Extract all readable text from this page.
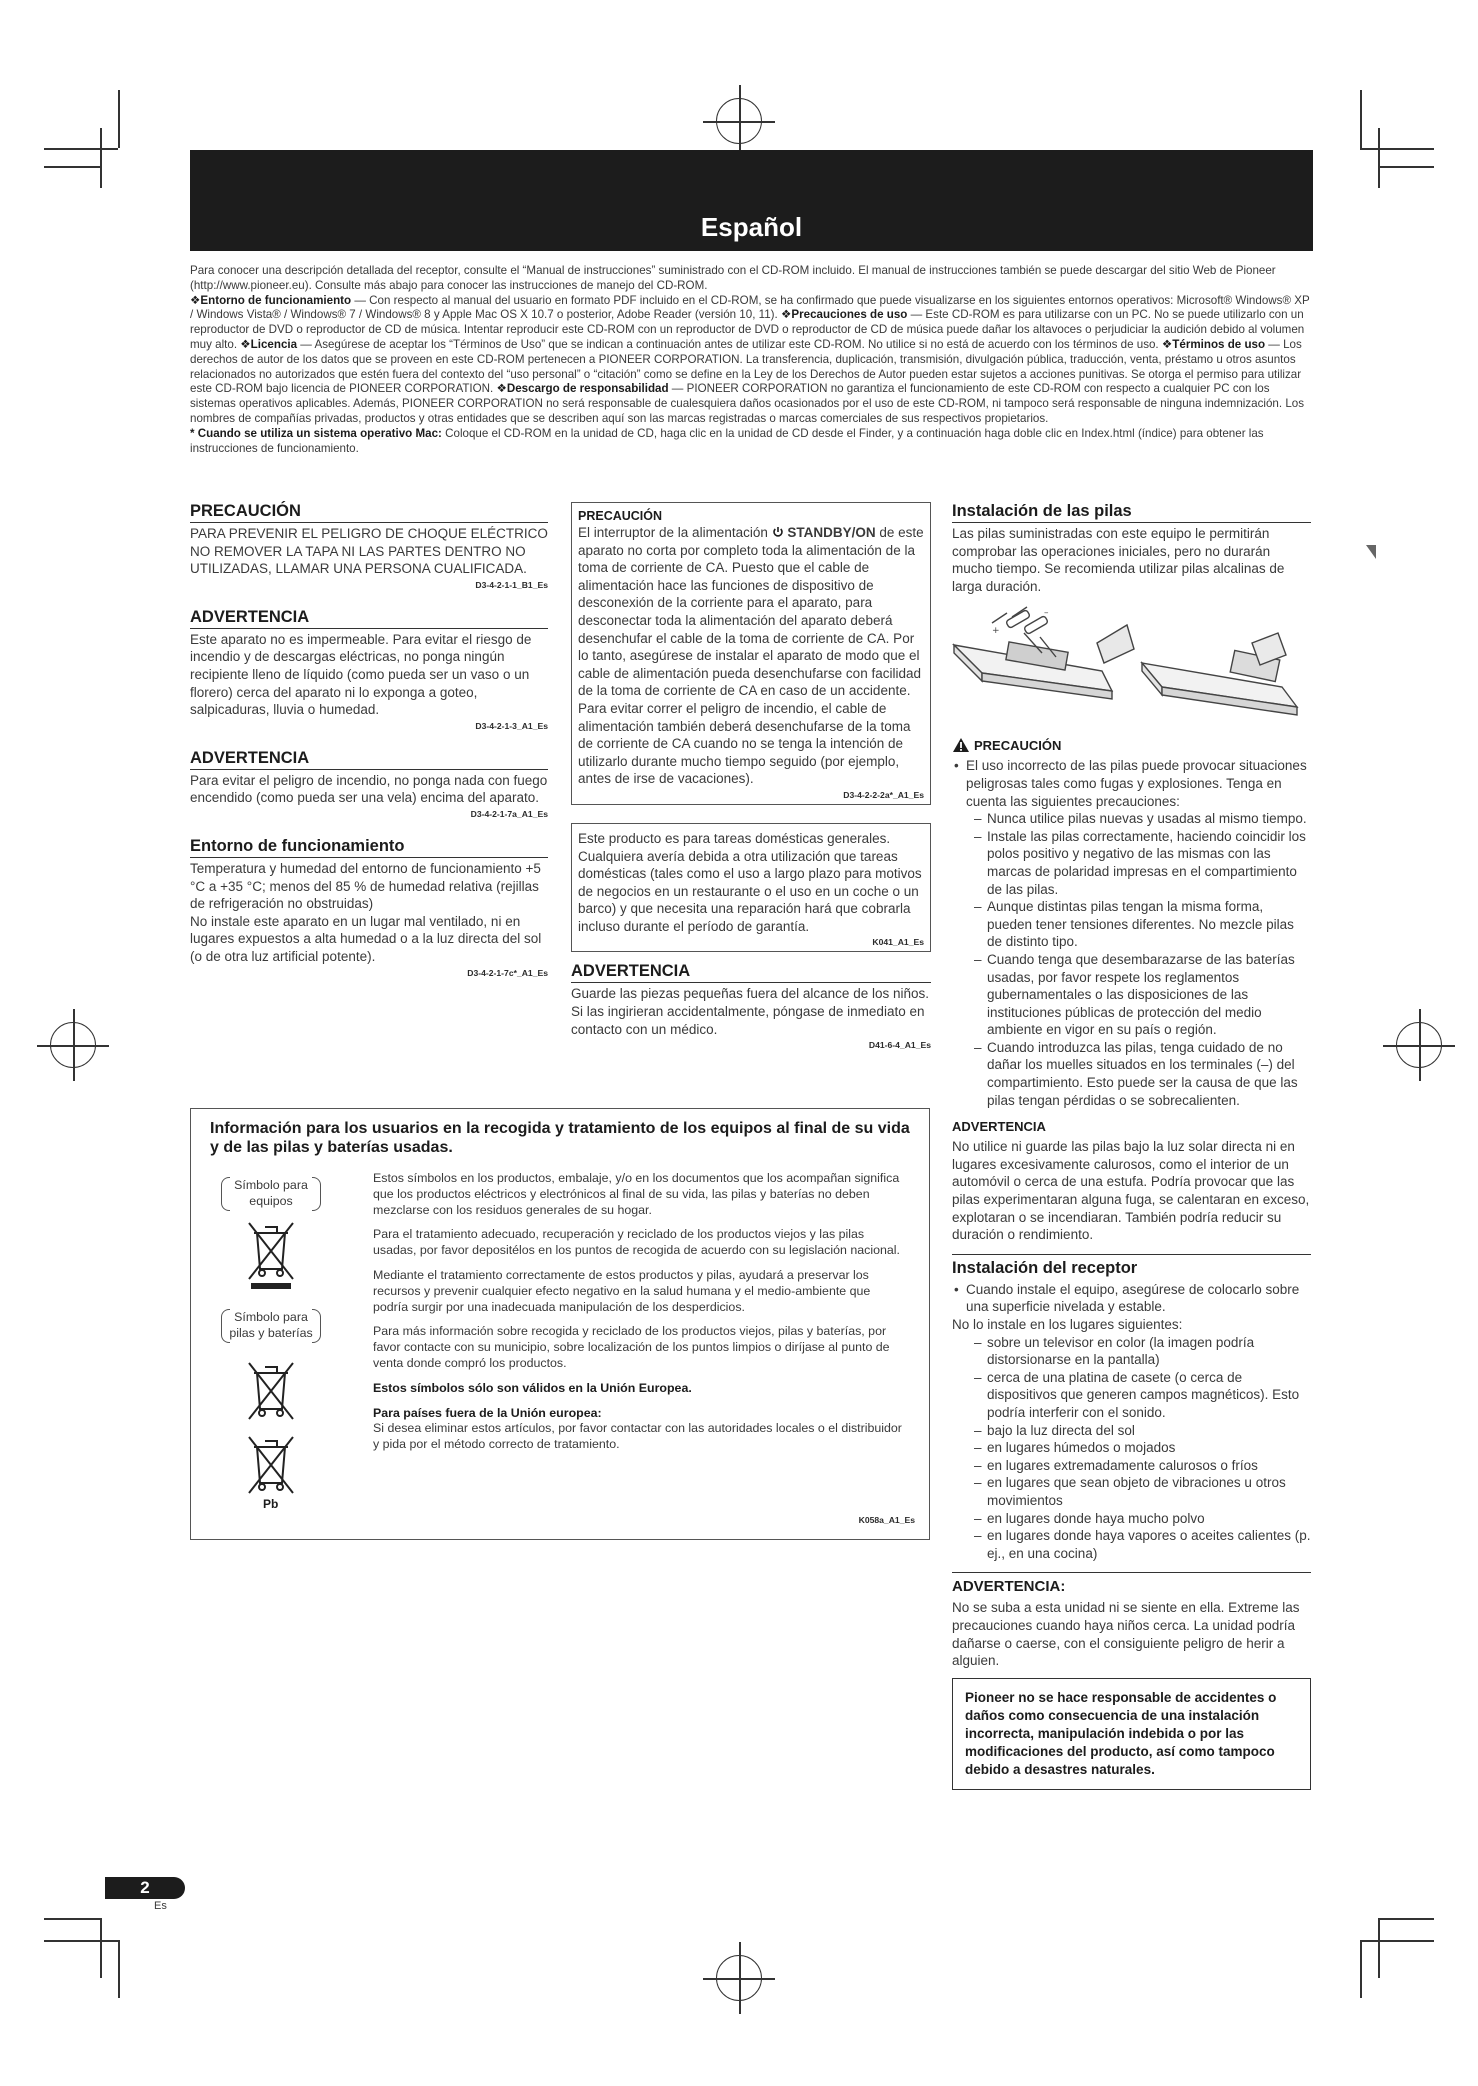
Español

Para conocer una descripción detallada del receptor, consulte el “Manual de instrucciones” suministrado con el CD-ROM incluido. El manual de instrucciones también se puede descargar del sitio Web de Pioneer (http://www.pioneer.eu). Consulte más abajo para conocer las instrucciones de manejo del CD-ROM.

❖Entorno de funcionamiento — Con respecto al manual del usuario en formato PDF incluido en el CD-ROM, se ha confirmado que puede visualizarse en los siguientes entornos operativos: Microsoft® Windows® XP / Windows Vista® / Windows® 7 / Windows® 8 y Apple Mac OS X 10.7 o posterior, Adobe Reader (versión 10, 11). ❖Precauciones de uso — Este CD-ROM es para utilizarse con un PC. No se puede utilizarlo con un reproductor de DVD o reproductor de CD de música. Intentar reproducir este CD-ROM con un reproductor de DVD o reproductor de CD de música puede dañar los altavoces o perjudiciar la audición debido al volumen muy alto. ❖Licencia — Asegúrese de aceptar los “Términos de Uso” que se indican a continuación antes de utilizar este CD-ROM. No utilice si no está de acuerdo con los términos de uso. ❖Términos de uso — Los derechos de autor de los datos que se proveen en este CD-ROM pertenecen a PIONEER CORPORATION. La transferencia, duplicación, transmisión, divulgación pública, traducción, venta, préstamo u otros asuntos relacionados no autorizados que estén fuera del contexto del “uso personal” o “citación” como se define en la Ley de los Derechos de Autor pueden estar sujetos a acciones punitivas. Se otorga el permiso para utilizar este CD-ROM bajo licencia de PIONEER CORPORATION. ❖Descargo de responsabilidad — PIONEER CORPORATION no garantiza el funcionamiento de este CD-ROM con respecto a cualquier PC con los sistemas operativos aplicables. Además, PIONEER CORPORATION no será responsable de cualesquiera daños ocasionados por el uso de este CD-ROM, ni tampoco será responsable de ninguna indemnización. Los nombres de compañías privadas, productos y otras entidades que se describen aquí son las marcas registradas o marcas comerciales de sus respectivos propietarios.

* Cuando se utiliza un sistema operativo Mac: Coloque el CD-ROM en la unidad de CD, haga clic en la unidad de CD desde el Finder, y a continuación haga doble clic en Index.html (índice) para obtener las instrucciones de funcionamiento.

PRECAUCIÓN
PARA PREVENIR EL PELIGRO DE CHOQUE ELÉCTRICO NO REMOVER LA TAPA NI LAS PARTES DENTRO NO UTILIZADAS, LLAMAR UNA PERSONA CUALIFICADA.
D3-4-2-1-1_B1_Es
ADVERTENCIA
Este aparato no es impermeable. Para evitar el riesgo de incendio y de descargas eléctricas, no ponga ningún recipiente lleno de líquido (como pueda ser un vaso o un florero) cerca del aparato ni lo exponga a goteo, salpicaduras, lluvia o humedad.
D3-4-2-1-3_A1_Es
ADVERTENCIA
Para evitar el peligro de incendio, no ponga nada con fuego encendido (como pueda ser una vela) encima del aparato.
D3-4-2-1-7a_A1_Es
Entorno de funcionamiento
Temperatura y humedad del entorno de funcionamiento +5 °C a +35 °C; menos del 85 % de humedad relativa (rejillas de refrigeración no obstruidas)
No instale este aparato en un lugar mal ventilado, ni en lugares expuestos a alta humedad o a la luz directa del sol (o de otra luz artificial potente).
D3-4-2-1-7c*_A1_Es
PRECAUCIÓN
El interruptor de la alimentación  STANDBY/ON de este aparato no corta por completo toda la alimentación de la toma de corriente de CA. Puesto que el cable de alimentación hace las funciones de dispositivo de desconexión de la corriente para el aparato, para desconectar toda la alimentación del aparato deberá desenchufar el cable de la toma de corriente de CA. Por lo tanto, asegúrese de instalar el aparato de modo que el cable de alimentación pueda desenchufarse con facilidad de la toma de corriente de CA en caso de un accidente. Para evitar correr el peligro de incendio, el cable de alimentación también deberá desenchufarse de la toma de corriente de CA cuando no se tenga la intención de utilizarlo durante mucho tiempo seguido (por ejemplo, antes de irse de vacaciones).
D3-4-2-2-2a*_A1_Es
Este producto es para tareas domésticas generales. Cualquiera avería debida a otra utilización que tareas domésticas (tales como el uso a largo plazo para motivos de negocios en un restaurante o el uso en un coche o un barco) y que necesita una reparación hará que cobrarla incluso durante el período de garantía.
K041_A1_Es
ADVERTENCIA
Guarde las piezas pequeñas fuera del alcance de los niños. Si las ingirieran accidentalmente, póngase de inmediato en contacto con un médico.
D41-6-4_A1_Es
Instalación de las pilas
Las pilas suministradas con este equipo le permitirán comprobar las operaciones iniciales, pero no durarán mucho tiempo. Se recomienda utilizar pilas alcalinas de larga duración.
+
–
PRECAUCIÓN
• El uso incorrecto de las pilas puede provocar situaciones peligrosas tales como fugas y explosiones. Tenga en cuenta las siguientes precauciones:
– Nunca utilice pilas nuevas y usadas al mismo tiempo.
– Instale las pilas correctamente, haciendo coincidir los polos positivo y negativo de las mismas con las marcas de polaridad impresas en el compartimiento de las pilas.
– Aunque distintas pilas tengan la misma forma, pueden tener tensiones diferentes. No mezcle pilas de distinto tipo.
– Cuando tenga que desembarazarse de las baterías usadas, por favor respete los reglamentos gubernamentales o las disposiciones de las instituciones públicas de protección del medio ambiente en vigor en su país o región.
– Cuando introduzca las pilas, tenga cuidado de no dañar los muelles situados en los terminales (–) del compartimiento. Esto puede ser la causa de que las pilas tengan pérdidas o se sobrecalienten.
ADVERTENCIA
No utilice ni guarde las pilas bajo la luz solar directa ni en lugares excesivamente calurosos, como el interior de un automóvil o cerca de una estufa. Podría provocar que las pilas experimentaran alguna fuga, se calentaran en exceso, explotaran o se incendiaran. También podría reducir su duración o rendimiento.
Instalación del receptor
• Cuando instale el equipo, asegúrese de colocarlo sobre una superficie nivelada y estable.
No lo instale en los lugares siguientes:
– sobre un televisor en color (la imagen podría distorsionarse en la pantalla)
– cerca de una platina de casete (o cerca de dispositivos que generen campos magnéticos). Esto podría interferir con el sonido.
– bajo la luz directa del sol
– en lugares húmedos o mojados
– en lugares extremadamente calurosos o fríos
– en lugares que sean objeto de vibraciones u otros movimientos
– en lugares donde haya mucho polvo
– en lugares donde haya vapores o aceites calientes (p. ej., en una cocina)
ADVERTENCIA:
No se suba a esta unidad ni se siente en ella. Extreme las precauciones cuando haya niños cerca. La unidad podría dañarse o caerse, con el consiguiente peligro de herir a alguien.
Pioneer no se hace responsable de accidentes o daños como consecuencia de una instalación incorrecta, manipulación indebida o por las modificaciones del producto, así como tampoco debido a desastres naturales.
Información para los usuarios en la recogida y tratamiento de los equipos al final de su vida y de las pilas y baterías usadas.
Símbolo para equipos
Símbolo para pilas y baterías
Pb

Estos símbolos en los productos, embalaje, y/o en los documentos que los acompañan significa que los productos eléctricos y electrónicos al final de su vida, las pilas y baterías no deben mezclarse con los residuos generales de su hogar.

Para el tratamiento adecuado, recuperación y reciclado de los productos viejos y las pilas usadas, por favor depositélos en los puntos de recogida de acuerdo con su legislación nacional.

Mediante el tratamiento correctamente de estos productos y pilas, ayudará a preservar los recursos y prevenir cualquier efecto negativo en la salud humana y el medio-ambiente que podría surgir por una inadecuada manipulación de los desperdicios.

Para más información sobre recogida y reciclado de los productos viejos, pilas y baterías, por favor contacte con su municipio, sobre localización de los puntos limpios o diríjase al punto de venta donde compró los productos.

Estos símbolos sólo son válidos en la Unión Europea.

Para países fuera de la Unión europea:

Si desea eliminar estos artículos, por favor contactar con las autoridades locales o el distribuidor y pida por el método correcto de tratamiento.

K058a_A1_Es
2
Es
